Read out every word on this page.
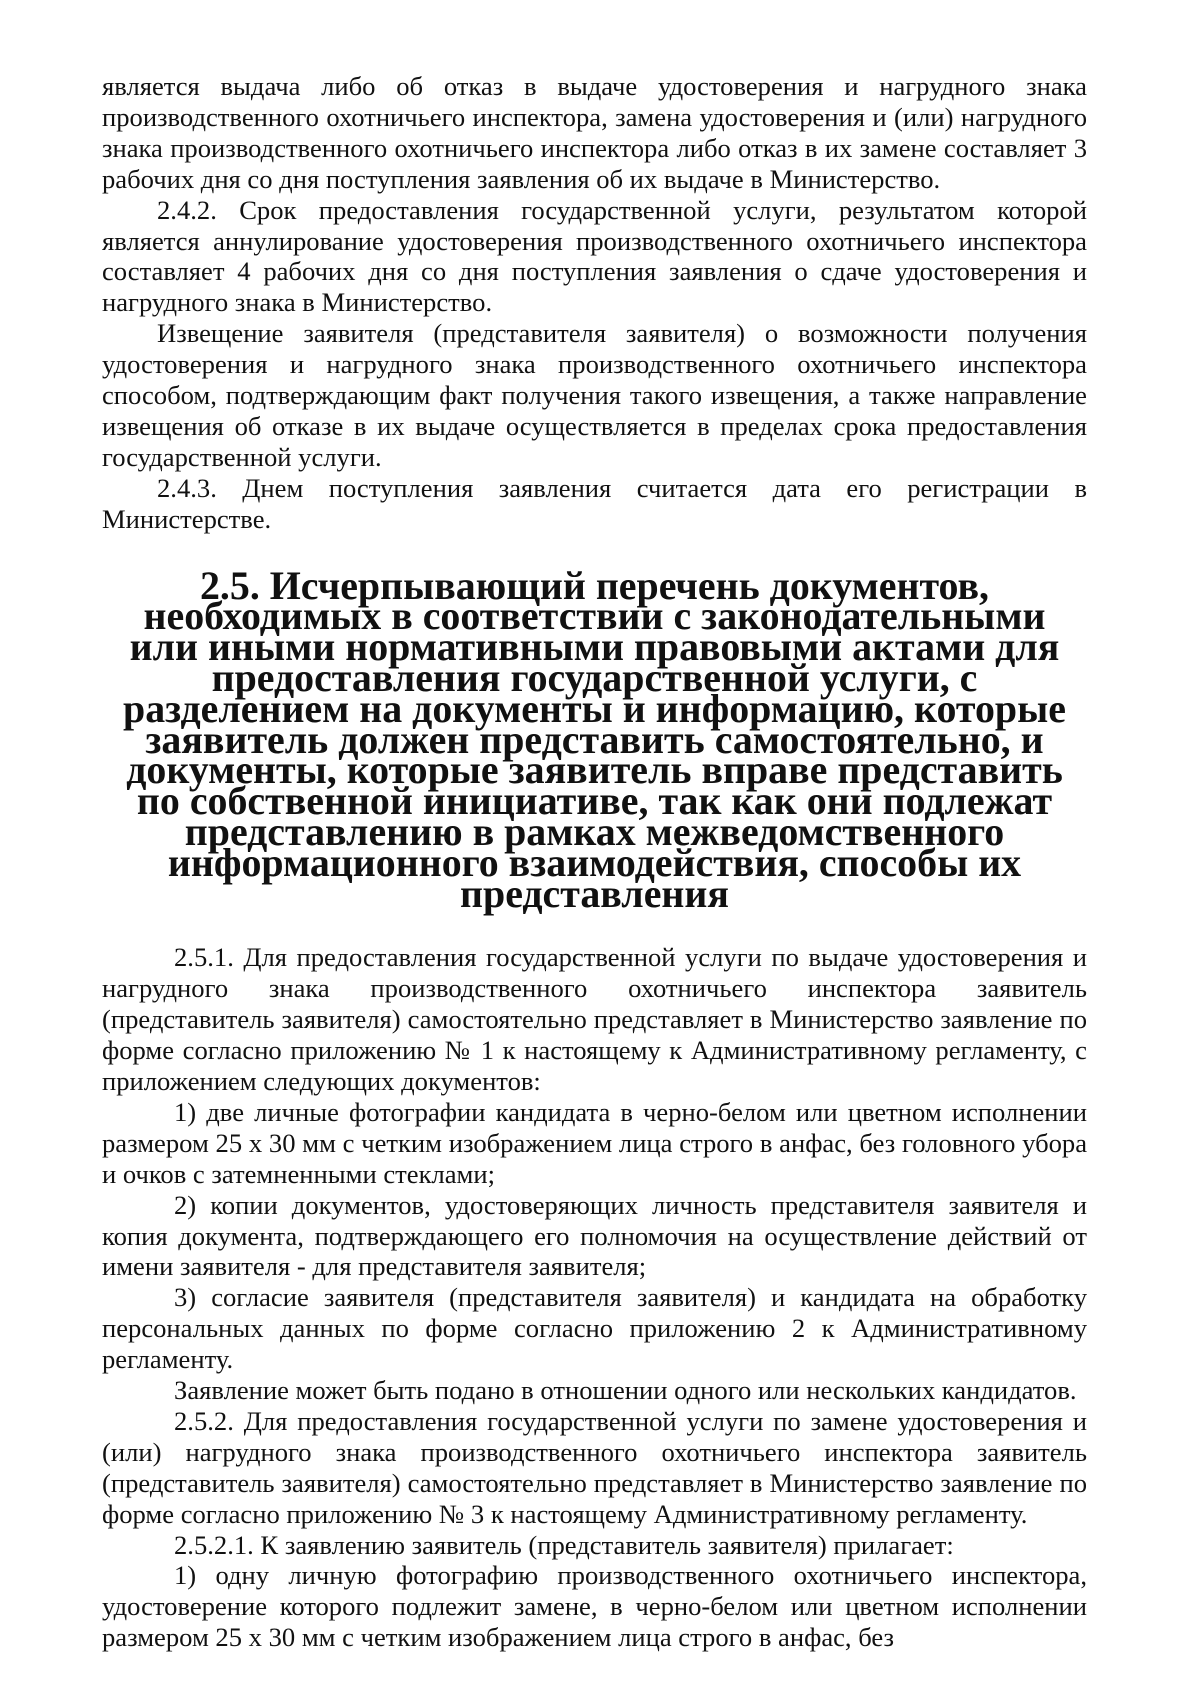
является выдача либо об отказ в выдаче удостоверения и нагрудного знака производственного охотничьего инспектора, замена удостоверения и (или) нагрудного знака производственного охотничьего инспектора либо отказ в их замене составляет 3 рабочих дня со дня поступления заявления об их выдаче в Министерство.

2.4.2. Срок предоставления государственной услуги, результатом которой является аннулирование удостоверения производственного охотничьего инспектора составляет 4 рабочих дня со дня поступления заявления о сдаче удостоверения и нагрудного знака в Министерство.

Извещение заявителя (представителя заявителя) о возможности получения удостоверения и нагрудного знака производственного охотничьего инспектора способом, подтверждающим факт получения такого извещения, а также направление извещения об отказе в их выдаче осуществляется в пределах срока предоставления государственной услуги.

2.4.3. Днем поступления заявления считается дата его регистрации в Министерстве.

2.5. Исчерпывающий перечень документов, необходимых в соответствии с законодательными или иными нормативными правовыми актами для предоставления государственной услуги, с разделением на документы и информацию, которые заявитель должен представить самостоятельно, и документы, которые заявитель вправе представить по собственной инициативе, так как они подлежат представлению в рамках межведомственного информационного взаимодействия, способы их представления

2.5.1. Для предоставления государственной услуги по выдаче удостоверения и нагрудного знака производственного охотничьего инспектора заявитель (представитель заявителя) самостоятельно представляет в Министерство заявление по форме согласно приложению № 1 к настоящему к Административному регламенту, с приложением следующих документов:

1) две личные фотографии кандидата в черно-белом или цветном исполнении размером 25 х 30 мм с четким изображением лица строго в анфас, без головного убора и очков с затемненными стеклами;

2) копии документов, удостоверяющих личность представителя заявителя и копия документа, подтверждающего его полномочия на осуществление действий от имени заявителя - для представителя заявителя;

3) согласие заявителя (представителя заявителя) и кандидата на обработку персональных данных по форме согласно приложению 2 к Административному регламенту.

Заявление может быть подано в отношении одного или нескольких кандидатов.

2.5.2. Для предоставления государственной услуги по замене удостоверения и (или) нагрудного знака производственного охотничьего инспектора заявитель (представитель заявителя) самостоятельно представляет в Министерство заявление по форме согласно приложению № 3 к настоящему Административному регламенту.

2.5.2.1. К заявлению заявитель (представитель заявителя) прилагает:

1) одну личную фотографию производственного охотничьего инспектора, удостоверение которого подлежит замене, в черно-белом или цветном исполнении размером 25 х 30 мм с четким изображением лица строго в анфас, без
